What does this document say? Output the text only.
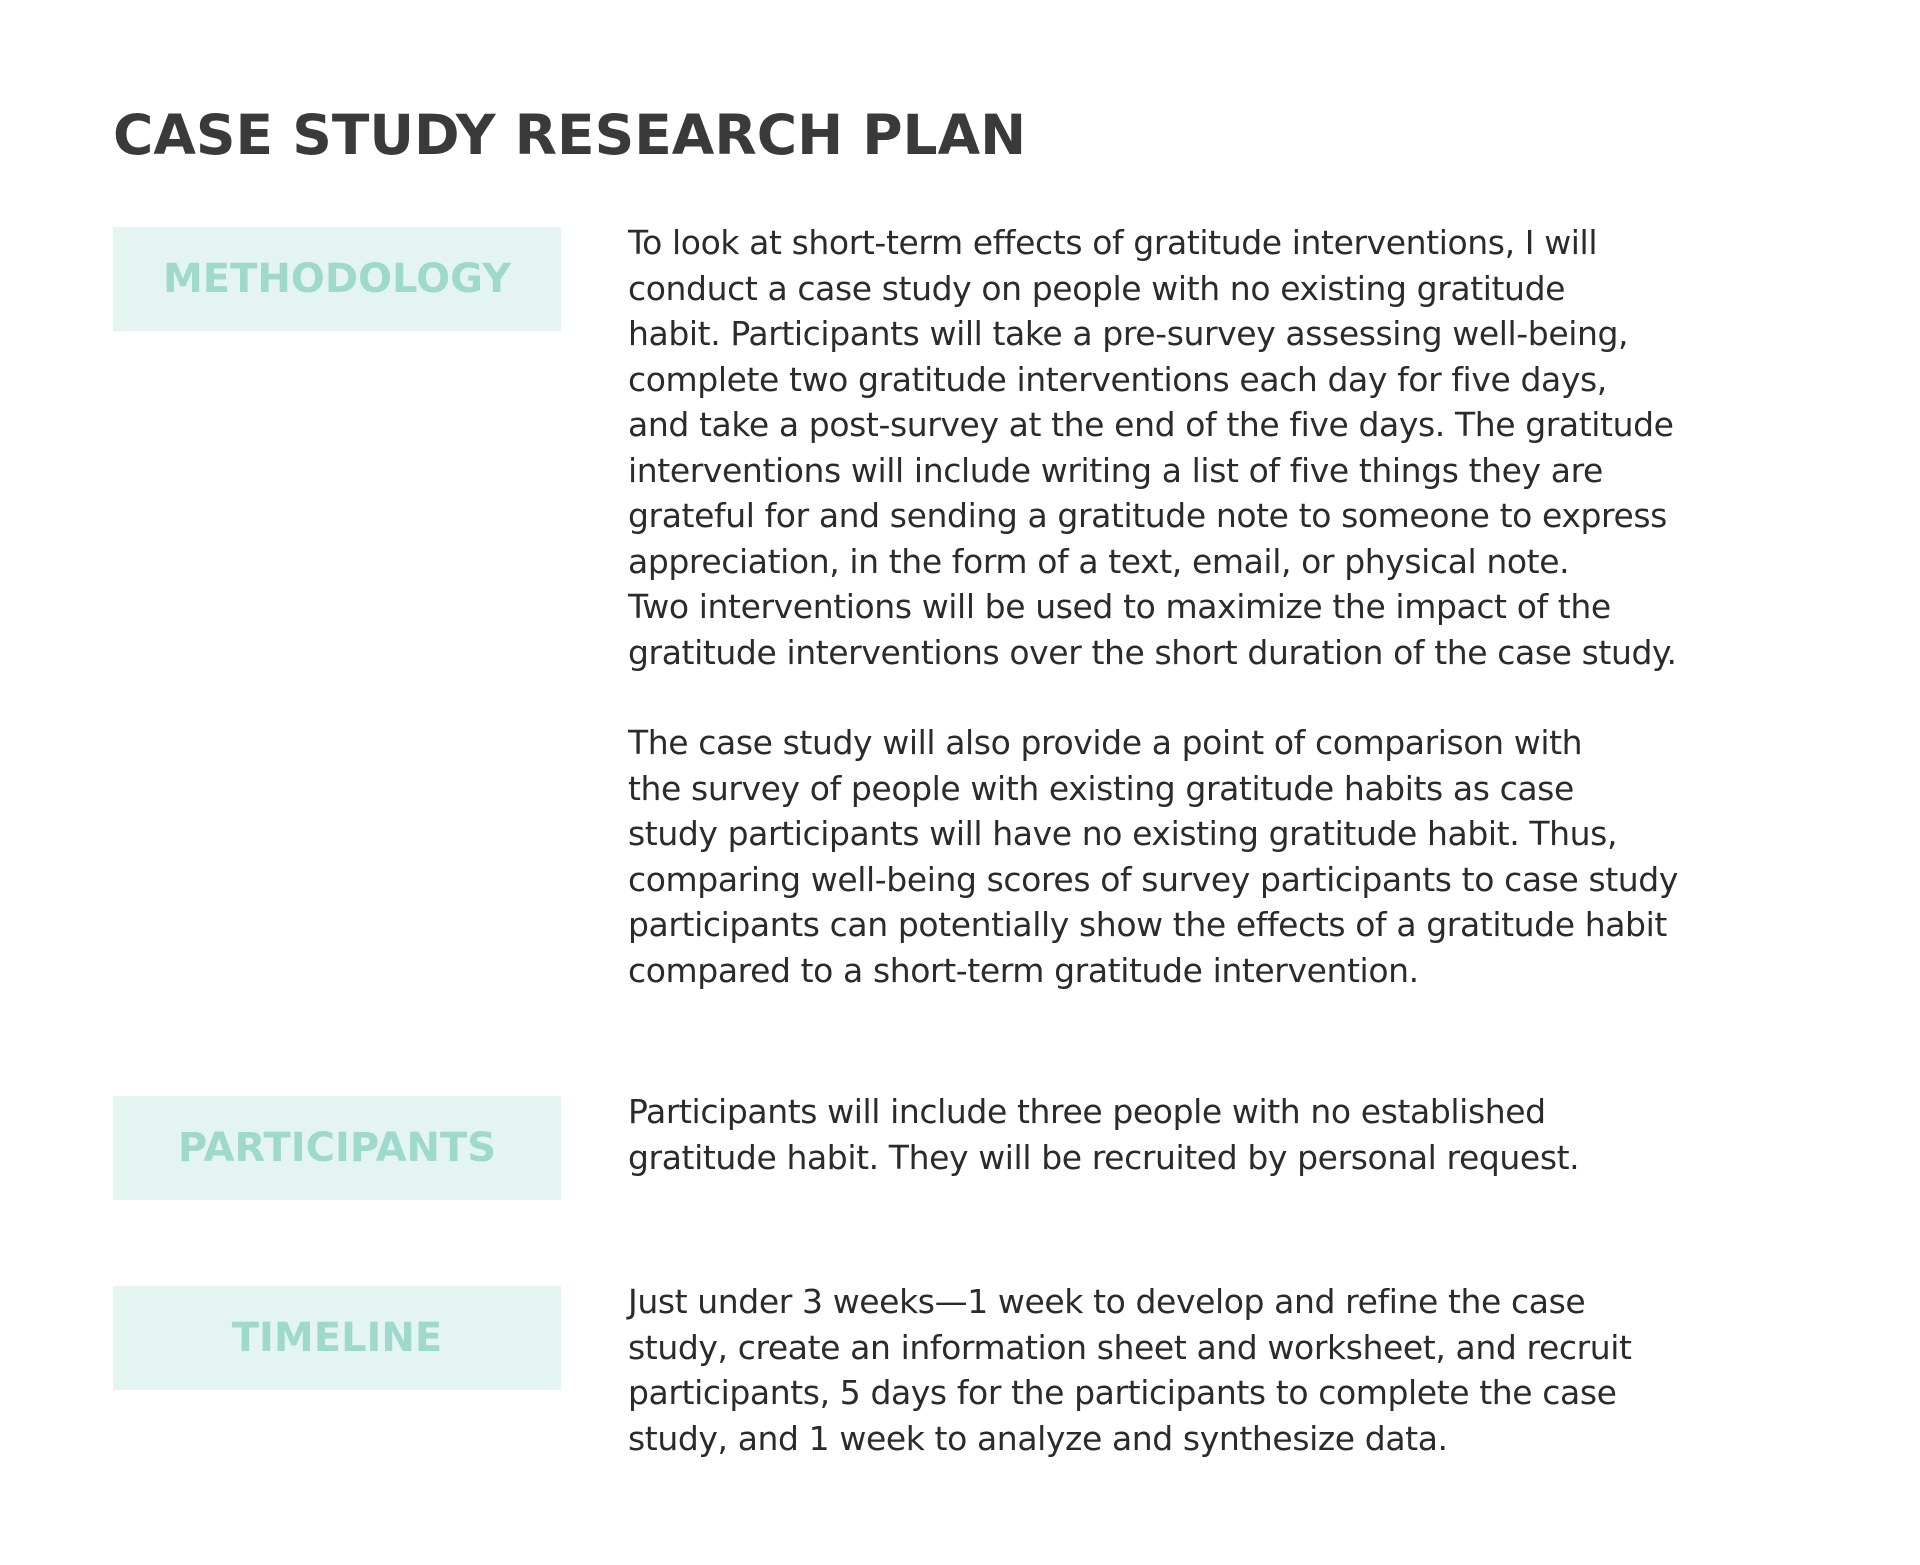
CASE STUDY RESEARCH PLAN
METHODOLOGY

To look at short-term effects of gratitude interventions, I will
conduct a case study on people with no existing gratitude
habit. Participants will take a pre-survey assessing well-being,
complete two gratitude interventions each day for five days,
and take a post-survey at the end of the five days. The gratitude
interventions will include writing a list of five things they are
grateful for and sending a gratitude note to someone to express
appreciation, in the form of a text, email, or physical note.
Two interventions will be used to maximize the impact of the
gratitude interventions over the short duration of the case study.

The case study will also provide a point of comparison with
the survey of people with existing gratitude habits as case
study participants will have no existing gratitude habit. Thus,
comparing well-being scores of survey participants to case study
participants can potentially show the effects of a gratitude habit
compared to a short-term gratitude intervention.

PARTICIPANTS

Participants will include three people with no established
gratitude habit. They will be recruited by personal request.

TIMELINE

Just under 3 weeks—1 week to develop and refine the case
study, create an information sheet and worksheet, and recruit
participants, 5 days for the participants to complete the case
study, and 1 week to analyze and synthesize data.
